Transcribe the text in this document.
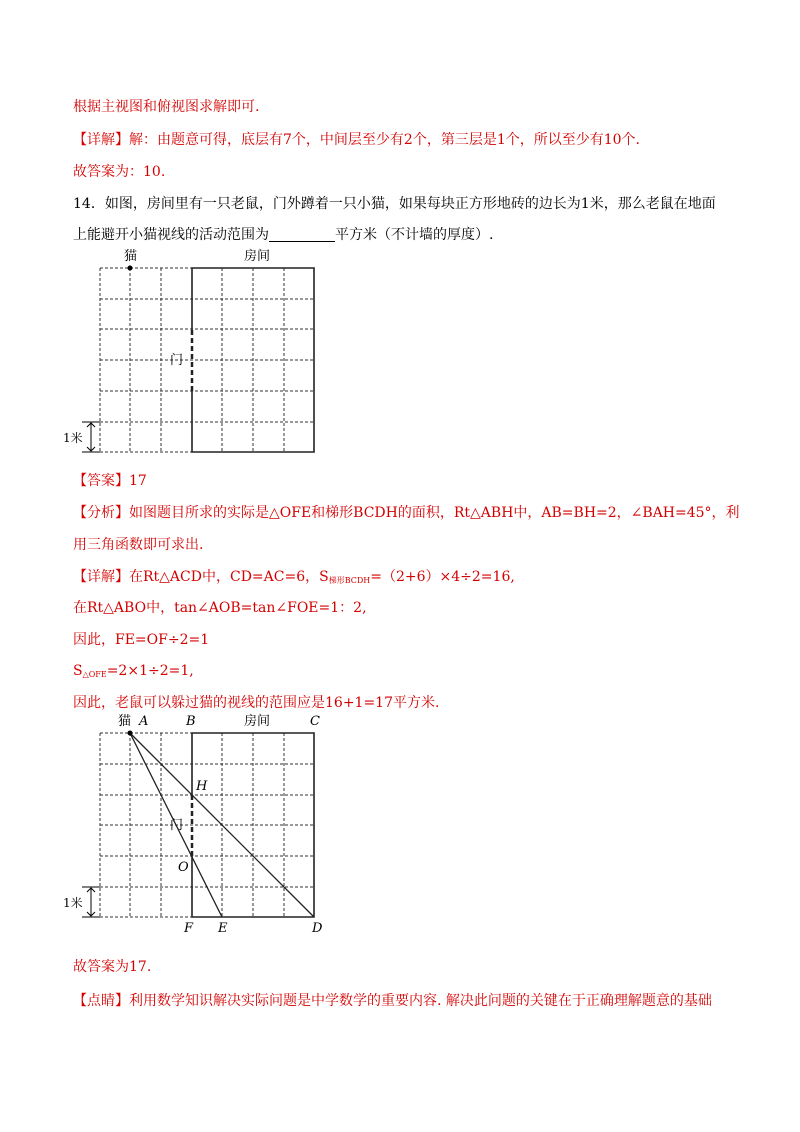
根据主视图和俯视图求解即可.
【详解】解：由题意可得，底层有7个，中间层至少有2个，第三层是1个，所以至少有10个.
故答案为：10.
14．如图，房间里有一只老鼠，门外蹲着一只小猫，如果每块正方形地砖的边长为1米，那么老鼠在地面
上能避开小猫视线的活动范围为	平方米（不计墙的厚度）.
猫	房间
门
1米
【答案】17
【分析】如图题目所求的实际是△OFE和梯形BCDH的面积，Rt△ABH中，AB=BH=2，∠BAH=45°，利
用三角函数即可求出.
【详解】在Rt△ACD中，CD=AC=6，$S_{梯形BCDH}=(2+6)\times 4\div 2=16$,
在Rt△ABO中，tan∠AOB=tan∠FOE=1：2,
因此，FE=OF÷2=1
$S_{\triangle OFE}=2\times 1\div 2=1$,
因此，老鼠可以躲过猫的视线的范围应是16+1=17平方米.
猫	房间
门
1米
A	B	C
H
O
F E	D
故答案为17.
【点睛】利用数学知识解决实际问题是中学数学的重要内容. 解决此问题的关键在于正确理解题意的基础
